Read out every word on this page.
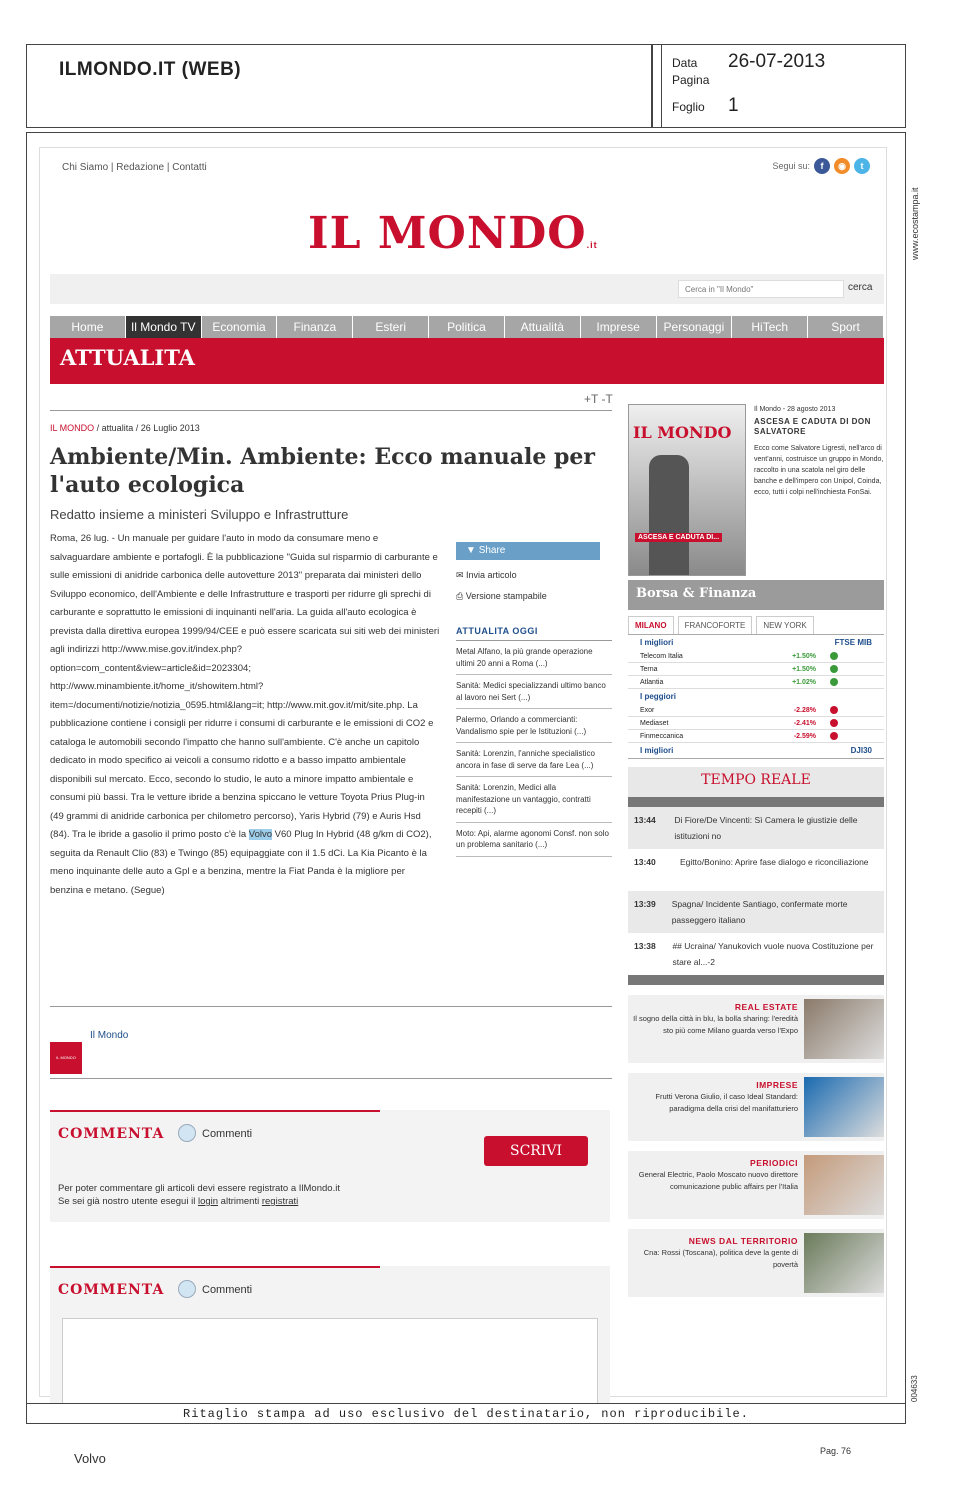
ILMONDO.IT (WEB)	Data	26-07-2013
Pagina
Foglio	1
www.ecostampa.it
004633
Chi Siamo | Redazione | Contatti	Segui su:	f	◉	t
IL MONDO.it
Cerca in "Il Mondo"
cerca
Home	Il Mondo TV	Economia	Finanza	Esteri	Politica	Attualità	Imprese	Personaggi	HiTech	Sport
ATTUALITA
+T -T
IL MONDO / attualita / 26 Luglio 2013
Ambiente/Min. Ambiente: Ecco manuale per l'auto ecologica
Redatto insieme a ministeri Sviluppo e Infrastrutture
Roma, 26 lug. - Un manuale per guidare l'auto in modo da consumare meno e salvaguardare ambiente e portafogli. È la pubblicazione "Guida sul risparmio di carburante e sulle emissioni di anidride carbonica delle autovetture 2013" preparata dai ministeri dello Sviluppo economico, dell'Ambiente e delle Infrastrutture e trasporti per ridurre gli sprechi di carburante e soprattutto le emissioni di inquinanti nell'aria. La guida all'auto ecologica è prevista dalla direttiva europea 1999/94/CEE e può essere scaricata sui siti web dei ministeri agli indirizzi http://www.mise.gov.it/index.php?option=com_content&view=article&id=2023304; http://www.minambiente.it/home_it/showitem.html?item=/documenti/notizie/notizia_0595.html&lang=it; http://www.mit.gov.it/mit/site.php. La pubblicazione contiene i consigli per ridurre i consumi di carburante e le emissioni di CO2 e cataloga le automobili secondo l'impatto che hanno sull'ambiente. C'è anche un capitolo dedicato in modo specifico ai veicoli a consumo ridotto e a basso impatto ambientale disponibili sul mercato. Ecco, secondo lo studio, le auto a minore impatto ambientale e consumi più bassi. Tra le vetture ibride a benzina spiccano le vetture Toyota Prius Plug-in (49 grammi di anidride carbonica per chilometro percorso), Yaris Hybrid (79) e Auris Hsd (84). Tra le ibride a gasolio il primo posto c'è la Volvo V60 Plug In Hybrid (48 g/km di CO2), seguita da Renault Clio (83) e Twingo (85) equipaggiate con il 1.5 dCi. La Kia Picanto è la meno inquinante delle auto a Gpl e a benzina, mentre la Fiat Panda è la migliore per benzina e metano. (Segue)
▼ Share
✉ Invia articolo
⎙ Versione stampabile
ATTUALITA OGGI
Metal Alfano, la più grande operazione ultimi 20 anni a Roma (...)
Sanità: Medici specializzandi ultimo banco al lavoro nei Sert (...)
Palermo, Orlando a commercianti: Vandalismo spie per le Istituzioni (...)
Sanità: Lorenzin, l'anniche specialistico ancora in fase di serve da fare Lea (...)
Sanità: Lorenzin, Medici alla manifestazione un vantaggio, contratti recepiti (...)
Moto: Api, alarme agonomi Consf. non solo un problema sanitario (...)
IL MONDO
Il Mondo
COMMENTA	Commenti
SCRIVI
Per poter commentare gli articoli devi essere registrato a IlMondo.it
Se sei già nostro utente esegui il login altrimenti registrati
COMMENTA	Commenti
IL MONDO
ASCESA E CADUTA DI...
Il Mondo - 28 agosto 2013
ASCESA E CADUTA DI DON SALVATORE
Ecco come Salvatore Ligresti, nell'arco di vent'anni, costruisce un gruppo in Mondo, raccolto in una scatola nel giro delle banche e dell'impero con Unipol, Coinda, ecco, tutti i colpi nell'inchiesta FonSai.
Borsa & Finanza
MILANO	FRANCOFORTE	NEW YORK
I migliori	FTSE MIB
Telecom Italia	+1.50%
Terna	+1.50%
Atlantia	+1.02%
I peggiori
Exor	-2.28%
Mediaset	-2.41%
Finmeccanica	-2.59%
I migliori	DJI30
TEMPO REALE
13:44	Di Fiore/De Vincenti: Sì Camera le giustizie delle istituzioni no
13:40	Egitto/Bonino: Aprire fase dialogo e riconciliazione
13:39	Spagna/ Incidente Santiago, confermate morte passeggero italiano
13:38	## Ucraina/ Yanukovich vuole nuova Costituzione per stare al...-2
REAL ESTATE
Il sogno della città in blu, la bolla sharing: l'eredità sto più come Milano guarda verso l'Expo
IMPRESE
Frutti Verona Giulio, il caso Ideal Standard: paradigma della crisi del manifatturiero
PERIODICI
General Electric, Paolo Moscato nuovo direttore comunicazione public affairs per l'Italia
NEWS DAL TERRITORIO
Cna: Rossi (Toscana), politica deve la gente di povertà
Ritaglio stampa ad uso esclusivo del destinatario, non riproducibile.
Volvo	Pag. 76
